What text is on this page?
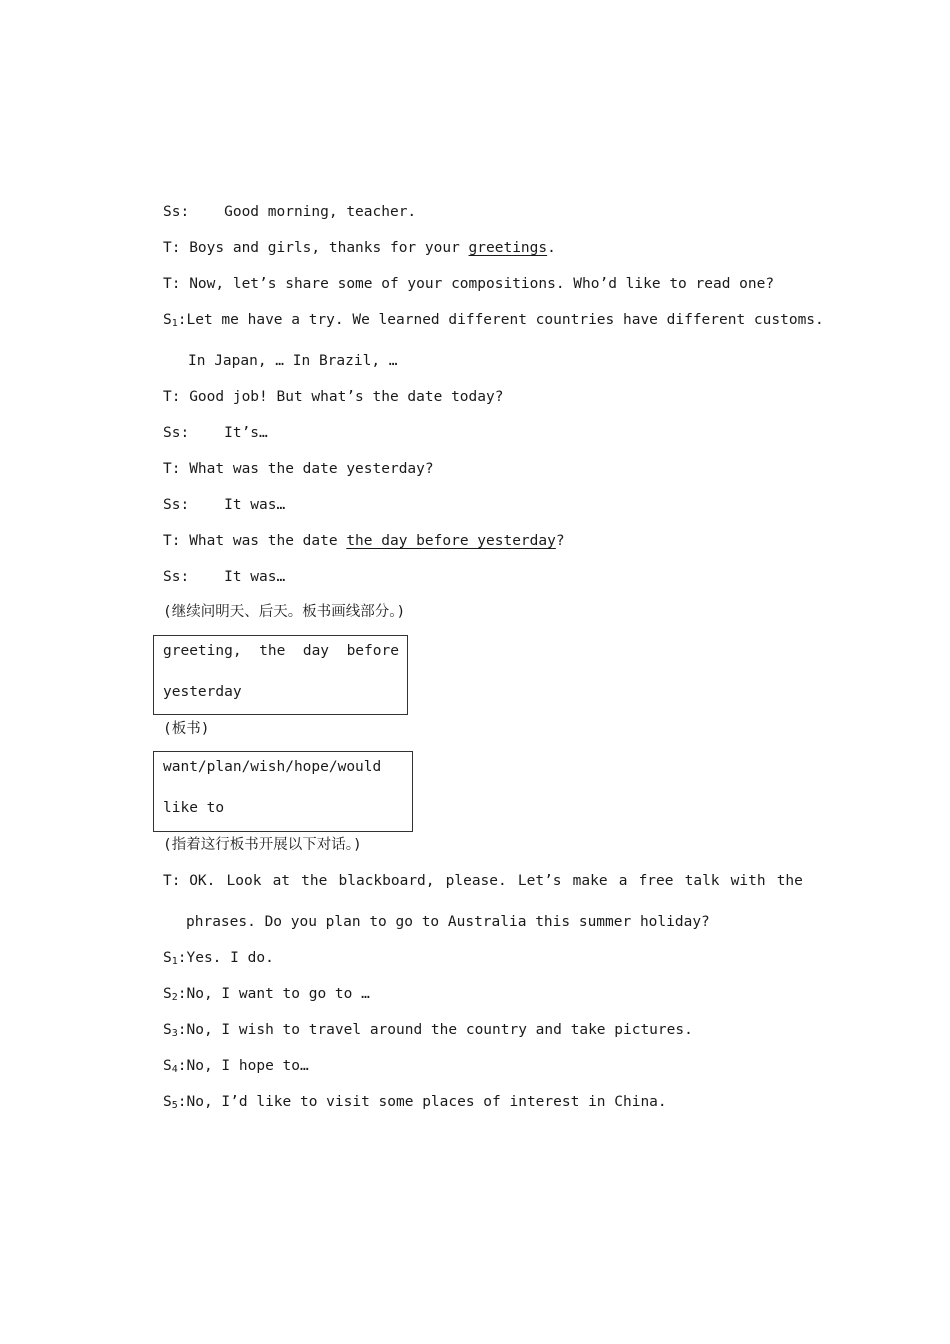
Ss:    Good morning, teacher.
T: Boys and girls, thanks for your greetings.
T: Now, let’s share some of your compositions. Who’d like to read one?
$S_1:Let$ me have a try. We learned different countries have different customs.
In Japan, … In Brazil, …
T: Good job! But what’s the date today?
Ss:    It’s…
T: What was the date yesterday?
Ss:    It was…
T: What was the date the day before yesterday?
Ss:    It was…
(继续问明天、后天。板书画线部分。)
greeting, the day before
yesterday
(板书)
want/plan/wish/hope/would
like to
(指着这行板书开展以下对话。)
T: OK. Look at the blackboard, please. Let’s make a free talk with the
phrases. Do you plan to go to Australia this summer holiday?
$S_1:Yes$. I do.
$S_2:No$, I want to go to …
$S_3:No$, I wish to travel around the country and take pictures.
$S_4:No$, I hope to…
$S_5:No$, I’d like to visit some places of interest in China.
